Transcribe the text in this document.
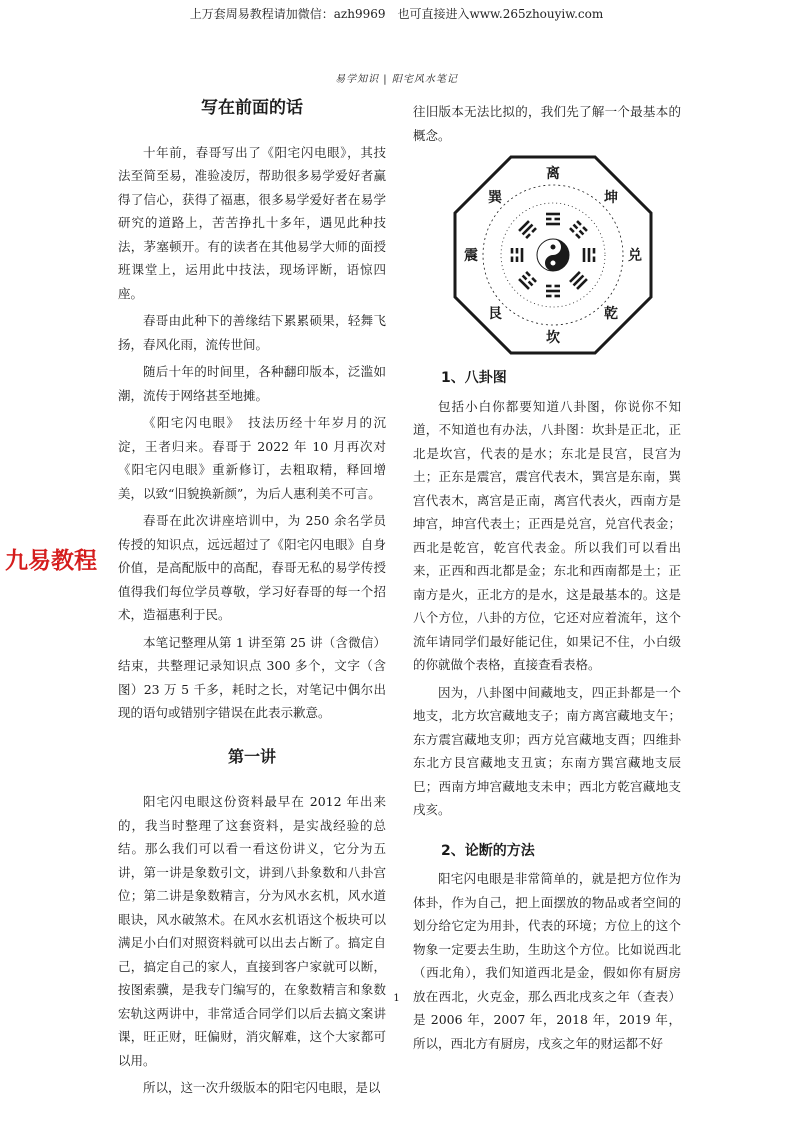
上万套周易教程请加微信：azh9969　也可直接进入www.265zhouyiw.com
易学知识 | 阳宅风水笔记
写在前面的话

十年前，春哥写出了《阳宅闪电眼》，其技法至简至易，准验凌厉，帮助很多易学爱好者赢得了信心，获得了福惠，很多易学爱好者在易学研究的道路上，苦苦挣扎十多年，遇见此种技法，茅塞顿开。有的读者在其他易学大师的面授班课堂上，运用此中技法，现场评断，语惊四座。

春哥由此种下的善缘结下累累硕果，轻舞飞扬，春风化雨，流传世间。

随后十年的时间里，各种翻印版本，泛滥如潮，流传于网络甚至地摊。

《阳宅闪电眼》　技法历经十年岁月的沉淀，王者归来。春哥于 2022 年 10 月再次对《阳宅闪电眼》重新修订，去粗取精，释回增美，以致“旧貌换新颜”，为后人惠利美不可言。

春哥在此次讲座培训中，为 250 余名学员传授的知识点，远远超过了《阳宅闪电眼》自身价值，是高配版中的高配，春哥无私的易学传授值得我们每位学员尊敬，学习好春哥的每一个招术，造福惠利于民。

本笔记整理从第 1 讲至第 25 讲（含微信）结束，共整理记录知识点 300 多个，文字（含图）23 万 5 千多，耗时之长，对笔记中偶尔出现的语句或错别字错误在此表示歉意。

第一讲

阳宅闪电眼这份资料最早在 2012 年出来的，我当时整理了这套资料，是实战经验的总结。那么我们可以看一看这份讲义，它分为五讲，第一讲是象数引文，讲到八卦象数和八卦宫位；第二讲是象数精言，分为风水玄机，风水道眼诀，风水破煞术。在风水玄机语这个板块可以满足小白们对照资料就可以出去占断了。搞定自己，搞定自己的家人，直接到客户家就可以断，按图索骥，是我专门编写的，在象数精言和象数宏轨这两讲中，非常适合同学们以后去搞文案讲课，旺正财，旺偏财，消灾解难，这个大家都可以用。

所以，这一次升级版本的阳宅闪电眼，是以

往旧版本无法比拟的，我们先了解一个最基本的概念。

离
坤
兑
乾
坎
艮
震
巽
1、八卦图

包括小白你都要知道八卦图，你说你不知道，不知道也有办法，八卦图：坎卦是正北，正北是坎宫，代表的是水；东北是艮宫，艮宫为土；正东是震宫，震宫代表木，巽宫是东南，巽宫代表木，离宫是正南，离宫代表火，西南方是坤宫，坤宫代表土；正西是兑宫，兑宫代表金；西北是乾宫，乾宫代表金。所以我们可以看出来，正西和西北都是金；东北和西南都是土；正南方是火，正北方的是水，这是最基本的。这是八个方位，八卦的方位，它还对应着流年，这个流年请同学们最好能记住，如果记不住，小白级的你就做个表格，直接查看表格。

因为，八卦图中间藏地支，四正卦都是一个地支，北方坎宫藏地支子；南方离宫藏地支午；东方震宫藏地支卯；西方兑宫藏地支酉；四维卦东北方艮宫藏地支丑寅；东南方巽宫藏地支辰巳；西南方坤宫藏地支未申；西北方乾宫藏地支戌亥。

2、论断的方法

阳宅闪电眼是非常简单的，就是把方位作为体卦，作为自己，把上面摆放的物品或者空间的划分给它定为用卦，代表的环境；方位上的这个物象一定要去生助，生助这个方位。比如说西北（西北角），我们知道西北是金，假如你有厨房放在西北，火克金，那么西北戌亥之年（查表）是 2006 年，2007 年，2018 年，2019 年，所以，西北方有厨房，戌亥之年的财运都不好

九易教程
1
